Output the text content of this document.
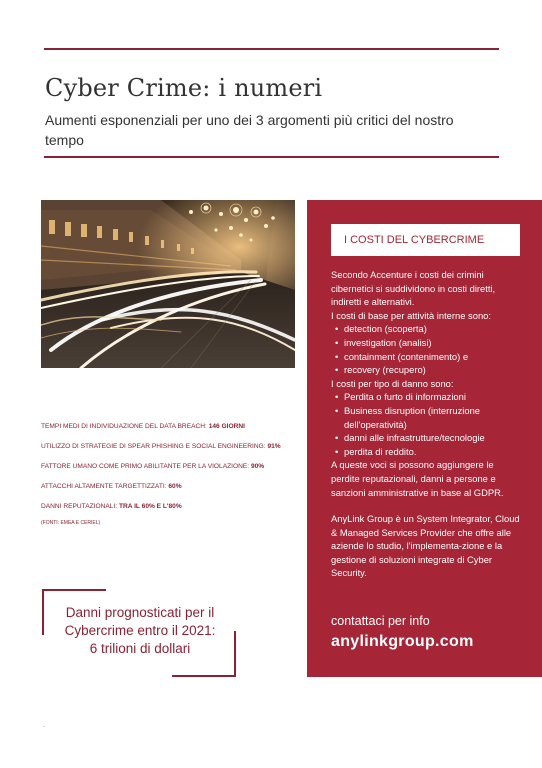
Cyber Crime: i numeri

Aumenti esponenziali per uno dei 3 argomenti più critici del nostro tempo

TEMPI MEDI DI INDIVIDUAZIONE DEL DATA BREACH: 146 GIORNI
UTILIZZO DI STRATEGIE DI SPEAR PHISHING E SOCIAL ENGINEERING: 91%
FATTORE UMANO COME PRIMO ABILITANTE PER LA VIOLAZIONE: 90%
ATTACCHI ALTAMENTE TARGETTIZZATI: 60%
DANNI REPUTAZIONALI: TRA IL 60% E L'80%
(FONTI: EMEA E CERIEL)
Danni prognosticati per il Cybercrime entro il 2021: 6 trilioni di dollari
I COSTI DEL CYBERCRIME

Secondo Accenture i costi dei crimini cibernetici si suddividono in costi diretti, indiretti e alternativi.

I costi di base per attività interne sono:

• detection (scoperta)
• investigation (analisi)
• containment (contenimento) e
• recovery (recupero)

I costi per tipo di danno sono:

• Perdita o furto di informazioni
• Business disruption (interruzione dell'operatività)
• danni alle infrastrutture/tecnologie
• perdita di reddito.

A queste voci si possono aggiungere le perdite reputazionali, danni a persone e sanzioni amministrative in base al GDPR.

AnyLink Group è un System Integrator, Cloud & Managed Services Provider che offre alle aziende lo studio, l'implementa-zione e la gestione di soluzioni integrate di Cyber Security.

contattaci per info
anylinkgroup.com
-
